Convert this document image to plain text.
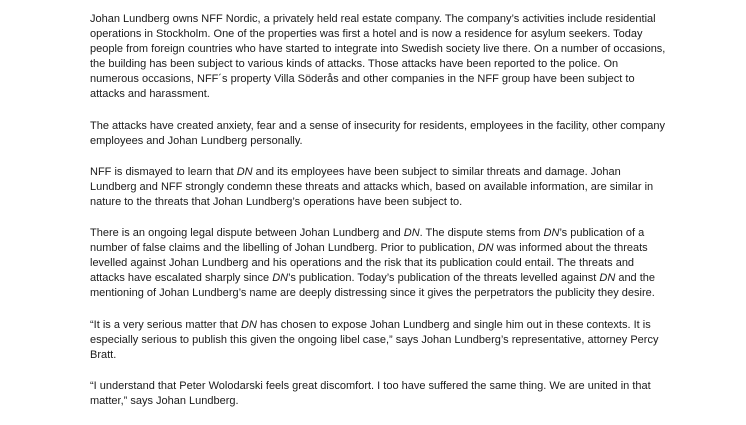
Johan Lundberg owns NFF Nordic, a privately held real estate company. The company’s activities include residential operations in Stockholm. One of the properties was first a hotel and is now a residence for asylum seekers. Today people from foreign countries who have started to integrate into Swedish society live there. On a number of occasions, the building has been subject to various kinds of attacks. Those attacks have been reported to the police. On numerous occasions, NFF´s property Villa Söderås and other companies in the NFF group have been subject to attacks and harassment.

The attacks have created anxiety, fear and a sense of insecurity for residents, employees in the facility, other company employees and Johan Lundberg personally.

NFF is dismayed to learn that DN and its employees have been subject to similar threats and damage. Johan Lundberg and NFF strongly condemn these threats and attacks which, based on available information, are similar in nature to the threats that Johan Lundberg’s operations have been subject to.

There is an ongoing legal dispute between Johan Lundberg and DN. The dispute stems from DN’s publication of a number of false claims and the libelling of Johan Lundberg. Prior to publication, DN was informed about the threats levelled against Johan Lundberg and his operations and the risk that its publication could entail. The threats and attacks have escalated sharply since DN’s publication. Today’s publication of the threats levelled against DN and the mentioning of Johan Lundberg’s name are deeply distressing since it gives the perpetrators the publicity they desire.

“It is a very serious matter that DN has chosen to expose Johan Lundberg and single him out in these contexts. It is especially serious to publish this given the ongoing libel case,” says Johan Lundberg’s representative, attorney Percy Bratt.

“I understand that Peter Wolodarski feels great discomfort. I too have suffered the same thing. We are united in that matter,” says Johan Lundberg.
